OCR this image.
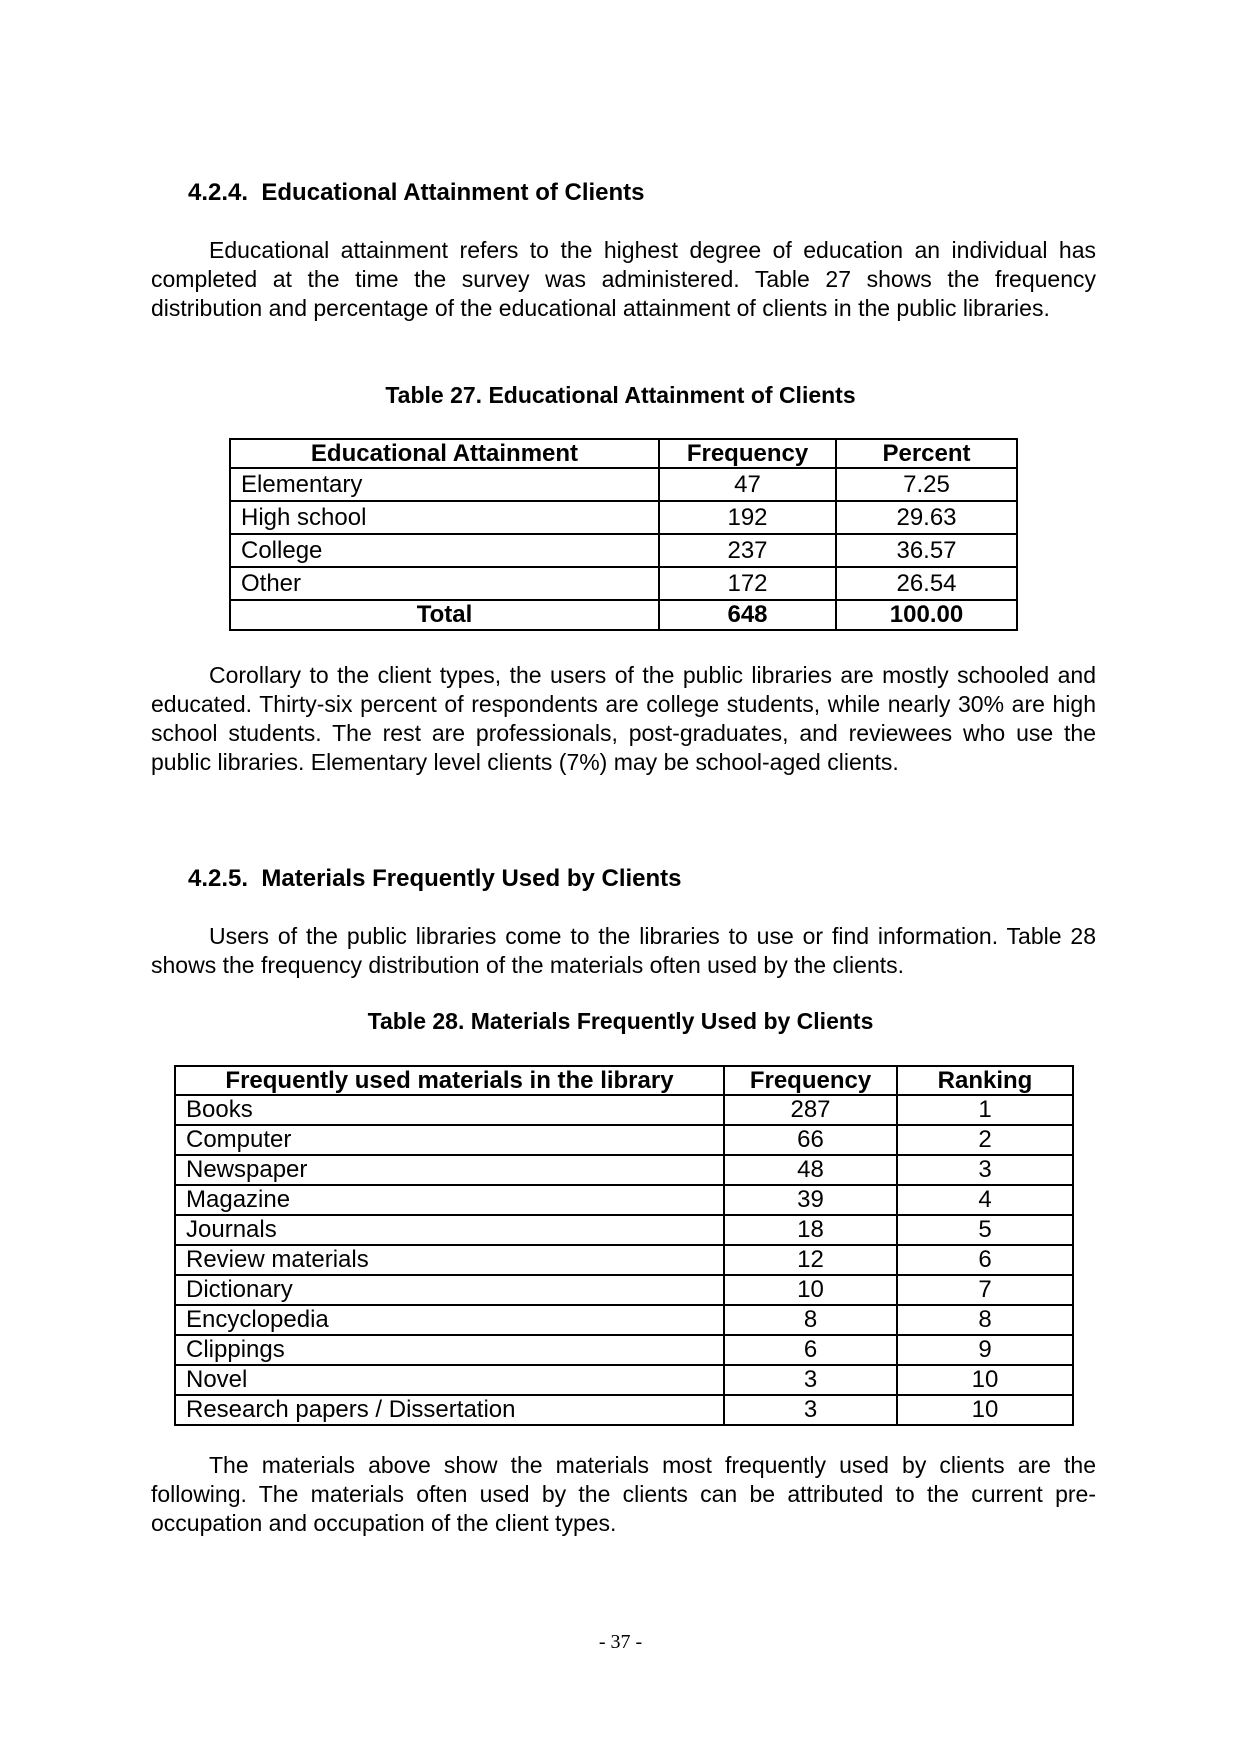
4.2.4. Educational Attainment of Clients

Educational attainment refers to the highest degree of education an individual has completed at the time the survey was administered. Table 27 shows the frequency distribution and percentage of the educational attainment of clients in the public libraries.

Table 27. Educational Attainment of Clients
Educational Attainment	Frequency	Percent
Elementary	47	7.25
High school	192	29.63
College	237	36.57
Other	172	26.54
Total	648	100.00

Corollary to the client types, the users of the public libraries are mostly schooled and educated. Thirty-six percent of respondents are college students, while nearly 30% are high school students. The rest are professionals, post-graduates, and reviewees who use the public libraries. Elementary level clients (7%) may be school-aged clients.

4.2.5. Materials Frequently Used by Clients

Users of the public libraries come to the libraries to use or find information. Table 28 shows the frequency distribution of the materials often used by the clients.

Table 28. Materials Frequently Used by Clients
Frequently used materials in the library	Frequency	Ranking
Books	287	1
Computer	66	2
Newspaper	48	3
Magazine	39	4
Journals	18	5
Review materials	12	6
Dictionary	10	7
Encyclopedia	8	8
Clippings	6	9
Novel	3	10
Research papers / Dissertation	3	10

The materials above show the materials most frequently used by clients are the following. The materials often used by the clients can be attributed to the current pre-occupation and occupation of the client types.

- 37 -
